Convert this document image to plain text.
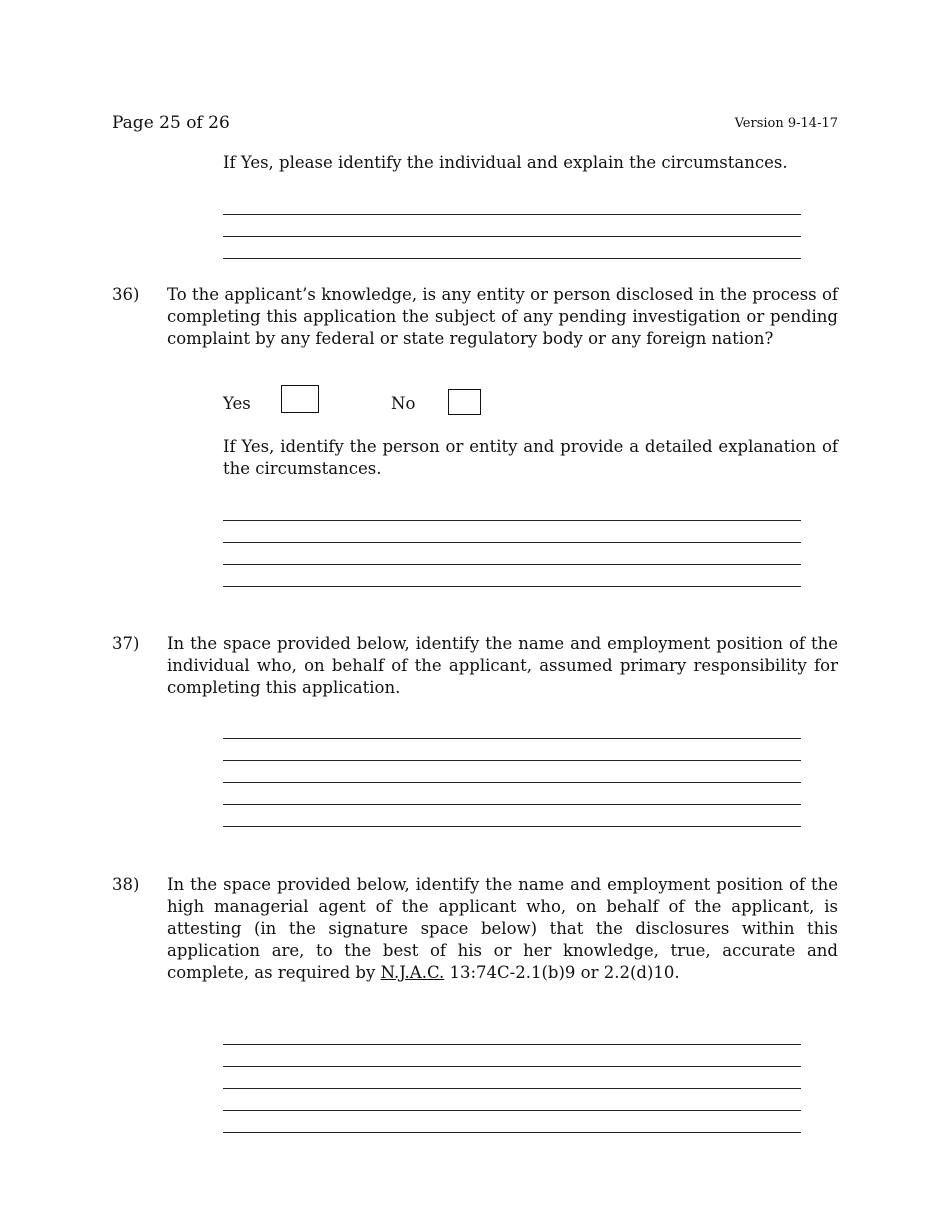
Page 25 of 26	Version 9-14-17
If Yes, please identify the individual and explain the circumstances.
36) To the applicant’s knowledge, is any entity or person disclosed in the process of completing this application the subject of any pending investigation or pending complaint by any federal or state regulatory body or any foreign nation?
Yes	No
If Yes, identify the person or entity and provide a detailed explanation of the circumstances.
37) In the space provided below, identify the name and employment position of the individual who, on behalf of the applicant, assumed primary responsibility for completing this application.
38) In the space provided below, identify the name and employment position of the high managerial agent of the applicant who, on behalf of the applicant, is attesting (in the signature space below) that the disclosures within this application are, to the best of his or her knowledge, true, accurate and complete, as required by N.J.A.C. 13:74C-2.1(b)9 or 2.2(d)10.
